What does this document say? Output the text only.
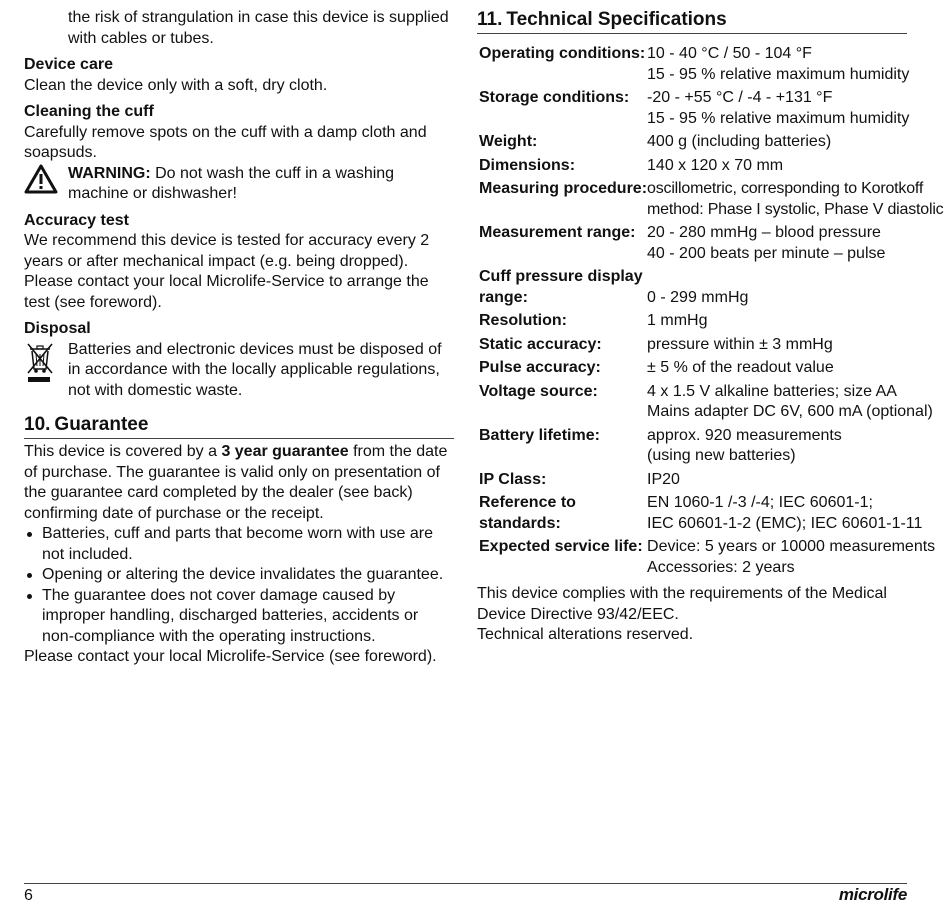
the risk of strangulation in case this device is supplied with cables or tubes.

Device care

Clean the device only with a soft, dry cloth.

Cleaning the cuff

Carefully remove spots on the cuff with a damp cloth and soapsuds.

WARNING: Do not wash the cuff in a washing machine or dishwasher!

Accuracy test

We recommend this device is tested for accuracy every 2 years or after mechanical impact (e.g. being dropped). Please contact your local Microlife-Service to arrange the test (see foreword).

Disposal

Batteries and electronic devices must be disposed of in accordance with the locally applicable regulations, not with domestic waste.
10. Guarantee

This device is covered by a 3 year guarantee from the date of purchase. The guarantee is valid only on presentation of the guarantee card completed by the dealer (see back) confirming date of purchase or the receipt.

Batteries, cuff and parts that become worn with use are not included.
Opening or altering the device invalidates the guarantee.
The guarantee does not cover damage caused by improper handling, discharged batteries, accidents or non-compliance with the operating instructions.

Please contact your local Microlife-Service (see foreword).

11. Technical Specifications
Operating conditions:	10 - 40 °C / 50 - 104 °F
15 - 95 % relative maximum humidity

Storage conditions:	-20 - +55 °C / -4 - +131 °F
15 - 95 % relative maximum humidity

Weight:	400 g (including batteries)

Dimensions:	140 x 120 x 70 mm

Measuring procedure:	oscillometric, corresponding to Korotkoff
method: Phase I systolic, Phase V diastolic

Measurement range:	20 - 280 mmHg – blood pressure
40 - 200 beats per minute – pulse

Cuff pressure display
range:	0 - 299 mmHg

Resolution:	1 mmHg

Static accuracy:	pressure within ± 3 mmHg

Pulse accuracy:	± 5 % of the readout value

Voltage source:	4 x 1.5 V alkaline batteries; size AA
Mains adapter DC 6V, 600 mA (optional)

Battery lifetime:	approx. 920 measurements
(using new batteries)

IP Class:	IP20

Reference to
standards:	EN 1060-1 /-3 /-4; IEC 60601-1;
IEC 60601-1-2 (EMC); IEC 60601-1-11

Expected service life:	Device: 5 years or 10000 measurements
Accessories: 2 years

This device complies with the requirements of the Medical Device Directive 93/42/EEC.

Technical alterations reserved.

6	microlife
